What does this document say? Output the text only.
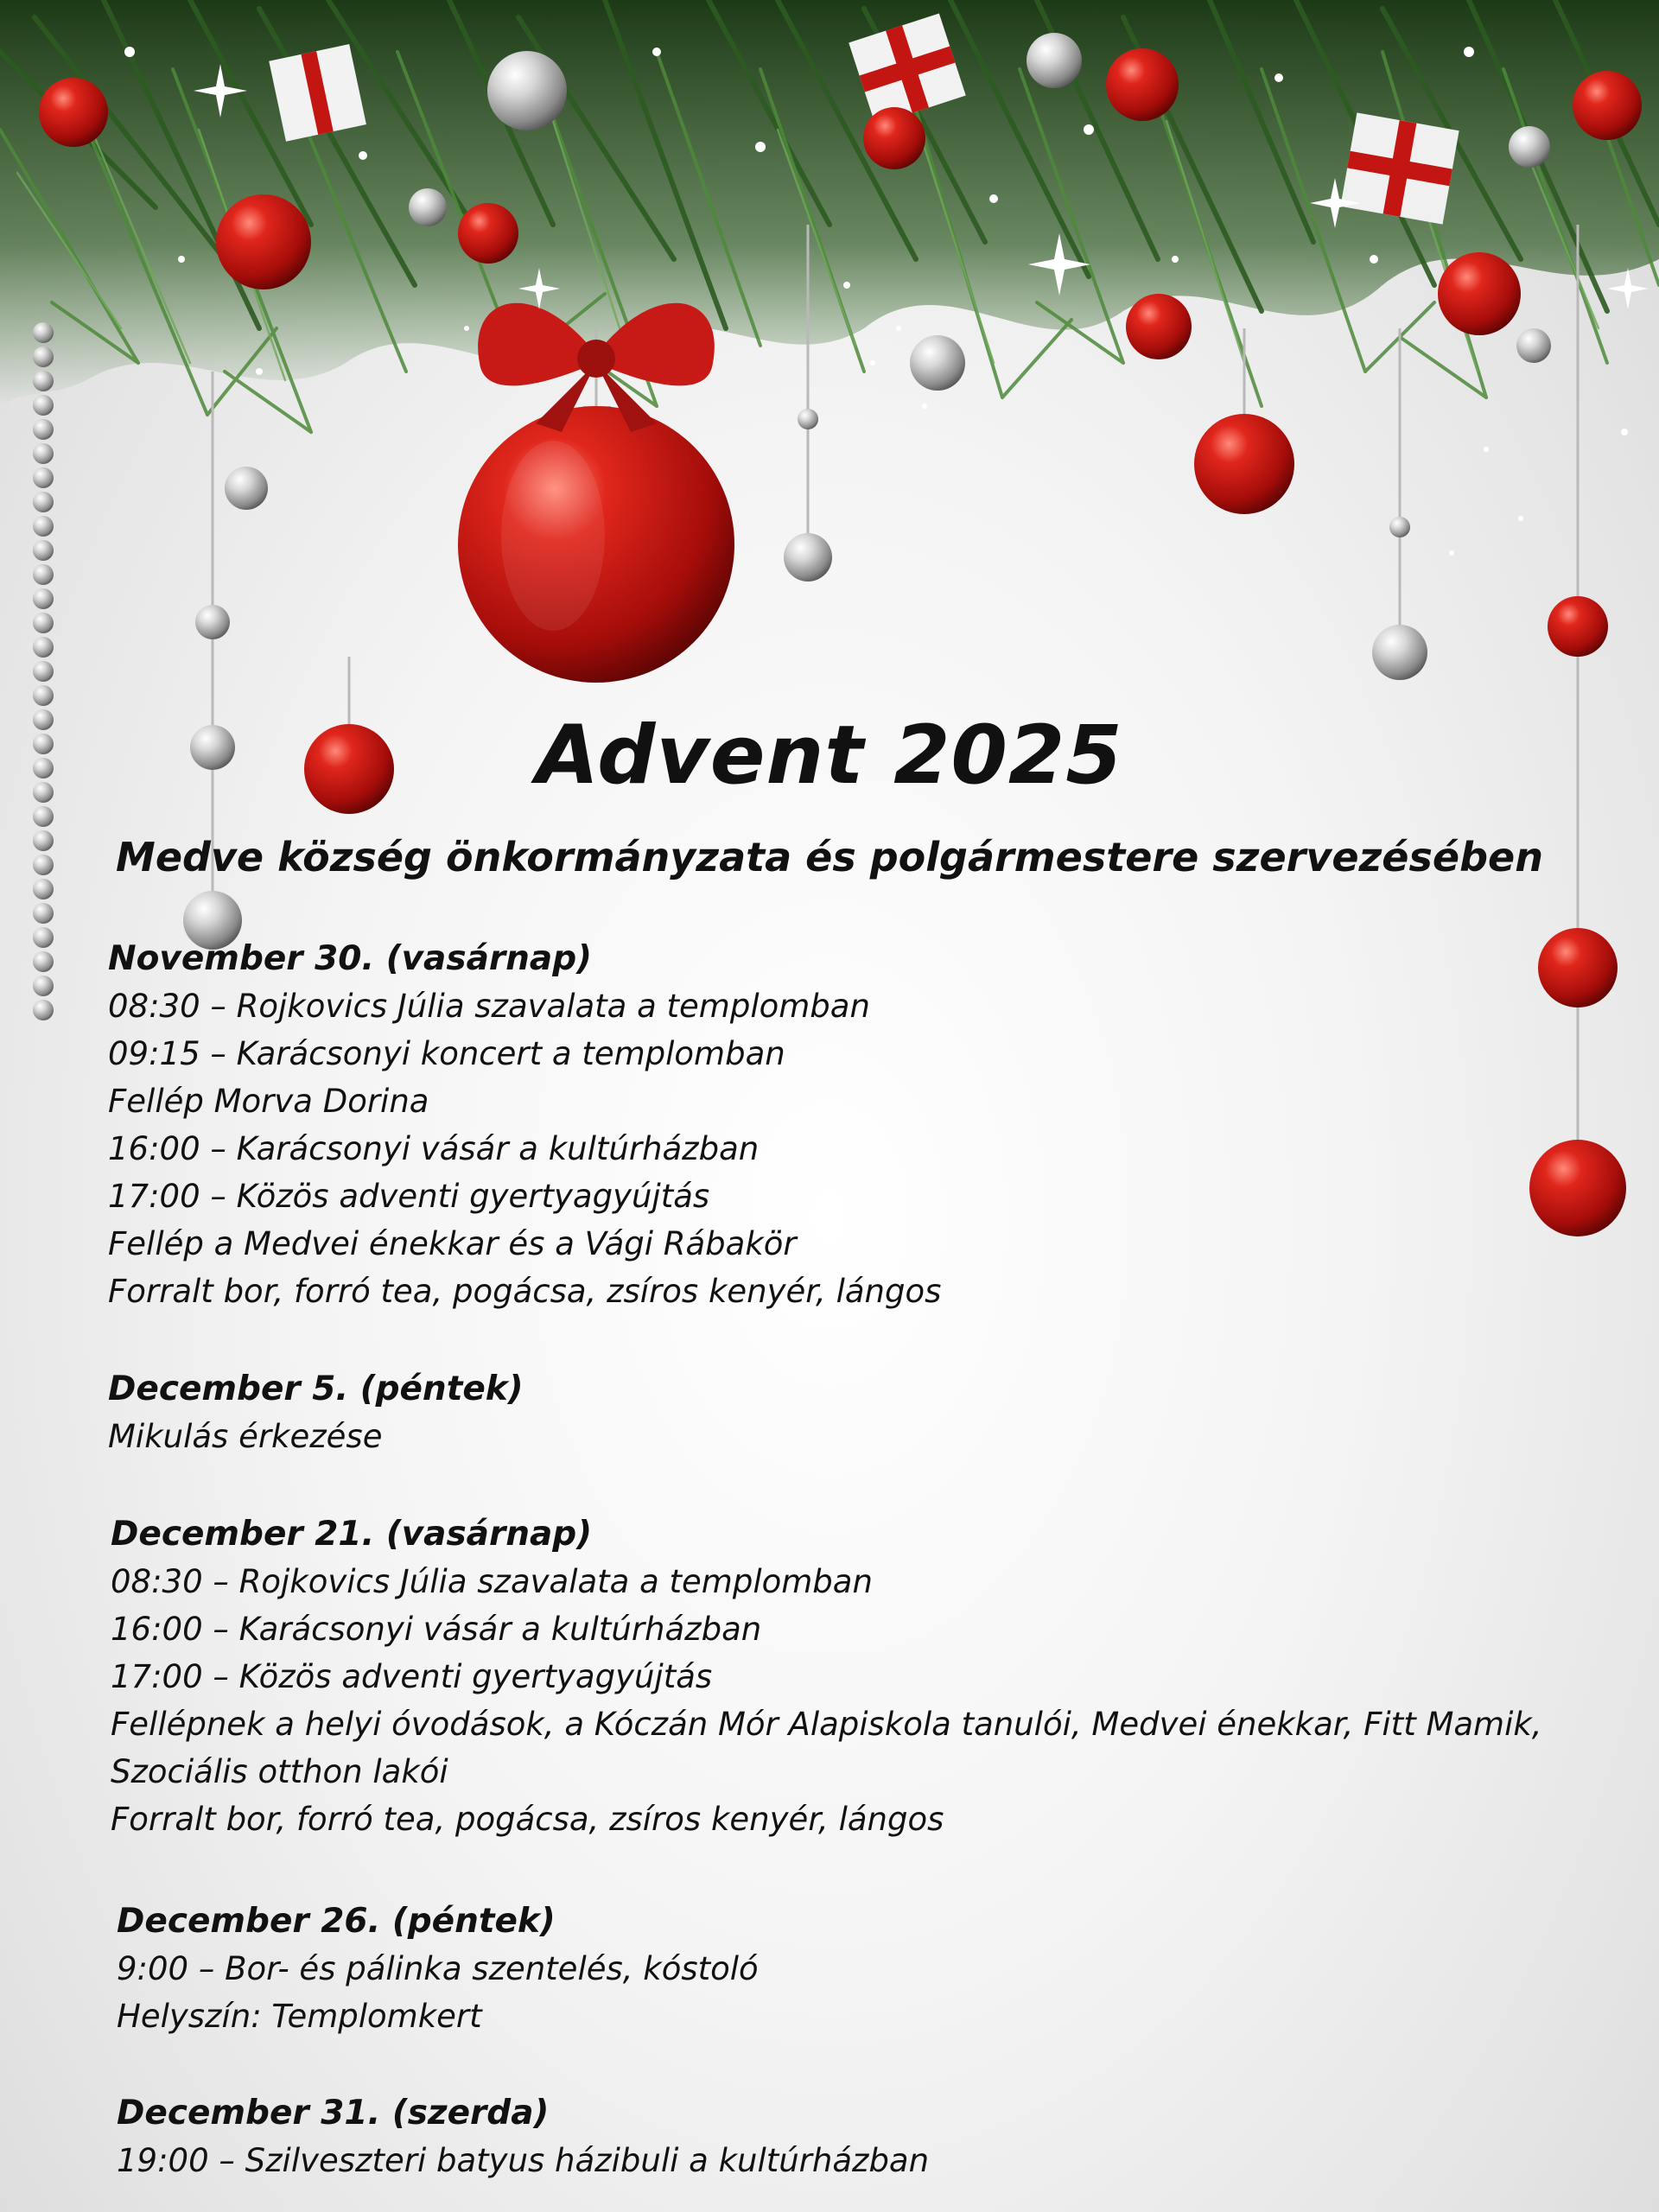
Advent 2025
Medve község önkormányzata és polgármestere szervezésében
November 30. (vasárnap)
08:30 – Rojkovics Júlia szavalata a templomban
09:15 – Karácsonyi koncert a templomban
Fellép Morva Dorina
16:00 – Karácsonyi vásár a kultúrházban
17:00 – Közös adventi gyertyagyújtás
Fellép a Medvei énekkar és a Vági Rábakör
Forralt bor, forró tea, pogácsa, zsíros kenyér, lángos
December 5. (péntek)
Mikulás érkezése
December 21. (vasárnap)
08:30 – Rojkovics Júlia szavalata a templomban
16:00 – Karácsonyi vásár a kultúrházban
17:00 – Közös adventi gyertyagyújtás
Fellépnek a helyi óvodások, a Kóczán Mór Alapiskola tanulói, Medvei énekkar, Fitt Mamik,
Szociális otthon lakói
Forralt bor, forró tea, pogácsa, zsíros kenyér, lángos
December 26. (péntek)
9:00 – Bor- és pálinka szentelés, kóstoló
Helyszín: Templomkert
December 31. (szerda)
19:00 – Szilveszteri batyus házibuli a kultúrházban
